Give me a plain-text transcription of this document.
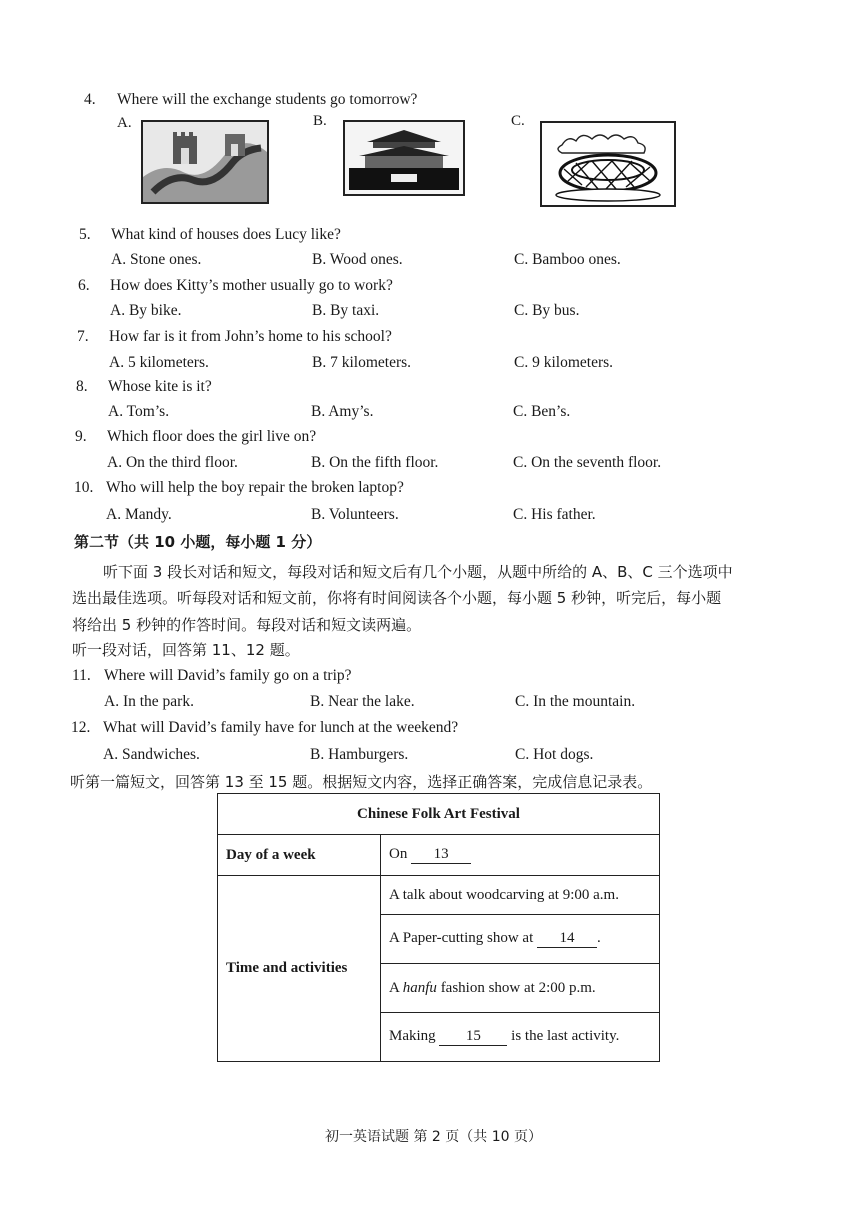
4. Where will the exchange students go tomorrow?
A.	B.	C.
5. What kind of houses does Lucy like?
A. Stone ones.	B. Wood ones.	C. Bamboo ones.
6. How does Kitty’s mother usually go to work?
A. By bike.	B. By taxi.	C. By bus.
7. How far is it from John’s home to his school?
A. 5 kilometers.	B. 7 kilometers.	C. 9 kilometers.
8. Whose kite is it?
A. Tom’s.	B. Amy’s.	C. Ben’s.
9. Which floor does the girl live on?
A. On the third floor.	B. On the fifth floor.	C. On the seventh floor.
10. Who will help the boy repair the broken laptop?
A. Mandy.	B. Volunteers.	C. His father.
第二节（共 10 小题，每小题 1 分）
听下面 3 段长对话和短文，每段对话和短文后有几个小题，从题中所给的 A、B、C 三个选项中
选出最佳选项。听每段对话和短文前，你将有时间阅读各个小题，每小题 5 秒钟，听完后，每小题
将给出 5 秒钟的作答时间。每段对话和短文读两遍。
听一段对话，回答第 11、12 题。
11. Where will David’s family go on a trip?
A. In the park.	B. Near the lake.	C. In the mountain.
12. What will David’s family have for lunch at the weekend?
A. Sandwiches.	B. Hamburgers.	C. Hot dogs.
听第一篇短文，回答第 13 至 15 题。根据短文内容，选择正确答案，完成信息记录表。
Chinese Folk Art Festival	
Day of a week	On 13
Time and activities	A talk about woodcarving at 9:00 a.m.
	A Paper-cutting show at 14 .
	A hanfu fashion show at 2:00 p.m.
	Making 15 is the last activity.
初一英语试题 第 2 页（共 10 页）
